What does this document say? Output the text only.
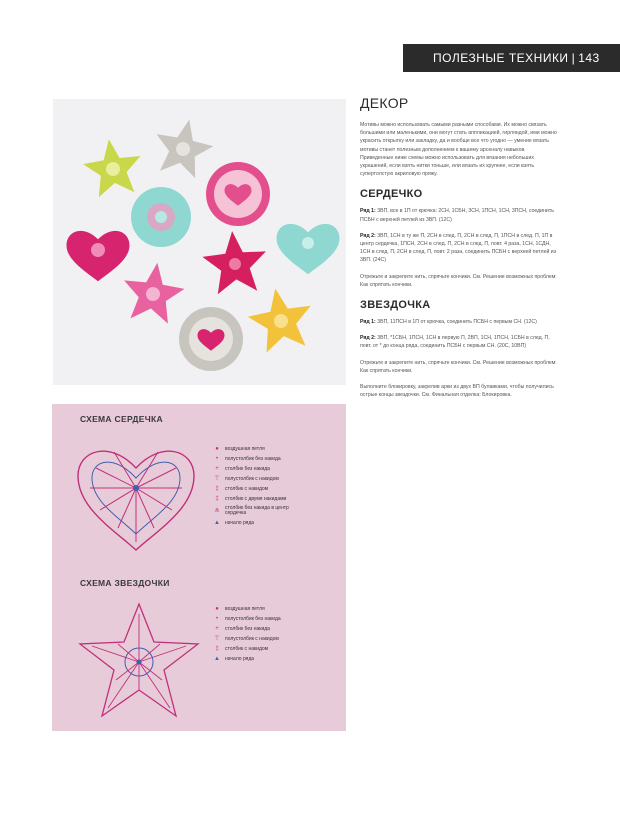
ПОЛЕЗНЫЕ ТЕХНИКИ | 143
СХЕМА СЕРДЕЧКА
●	воздушная петля
•	полустолбик без накида
+	столбик без накида
⊤	полустолбик с накидом
‡	столбик с накидом
‡	столбик с двумя накидами
⋔	столбик без накида в центр сердечка
▲	начало ряда
СХЕМА ЗВЕЗДОЧКИ
●	воздушная петля
•	полустолбик без накида
+	столбик без накида
⊤	полустолбик с накидом
‡	столбик с накидом
▲	начало ряда
ДЕКОР

Мотивы можно использовать самыми разными способами. Их можно связать большими или маленькими, они могут стать аппликацией, гирляндой, ими можно украсить открытку или закладку, да и вообще все что угодно — умение вязать мотивы станет полезным дополнением к вашему арсеналу навыков. Приведенные ниже схемы можно использовать для вязания небольших украшений, если взять нитки тоньше, или вязать их крупнее, если взять супертолстую акриловую пряжу.

СЕРДЕЧКО

Ряд 1: 3ВП, все в 1П от крючка: 2СН, 1СБН, 3СН, 1ПСН, 1СН, 3ПСН, соединить ПСБН с верхней петлей из 3ВП. (12С)

Ряд 2: 3ВП, 1СН в ту же П, 2СН в след. П, 2СН в след. П, 1ПСН в след. П, 1П в центр сердечка, 1ПСН, 2СН в след. П, 2СН в след. П, повт. 4 раза, 1СН, 1СДН, 1СН в след. П, 2СН в след. П, повт. 2 раза, соединить ПСБН с верхней петлей из 3ВП. (24С)

Отрежьте и закрепите нить, спрячьте кончики. См. Решение возможных проблем: Как спрятать кончики.

ЗВЕЗДОЧКА

Ряд 1: 3ВП, 11ПСН в 1П от крючка, соединить ПСБН с первым СН. (12С)

Ряд 2: 3ВП, *1СБН, 1ПСН, 1СН в первую П, 2ВП, 1СН, 1ПСН, 1СБН в след. П, повт. от * до конца ряда, соединить ПСБН с первым СН. (20С, 10ВП)

Отрежьте и закрепите нить, спрячьте кончики. См. Решение возможных проблем: Как спрятать кончики.

Выполните блокировку, закрепив арки из двух ВП булавками, чтобы получились острые концы звездочки. См. Финальная отделка: Блокировка.
